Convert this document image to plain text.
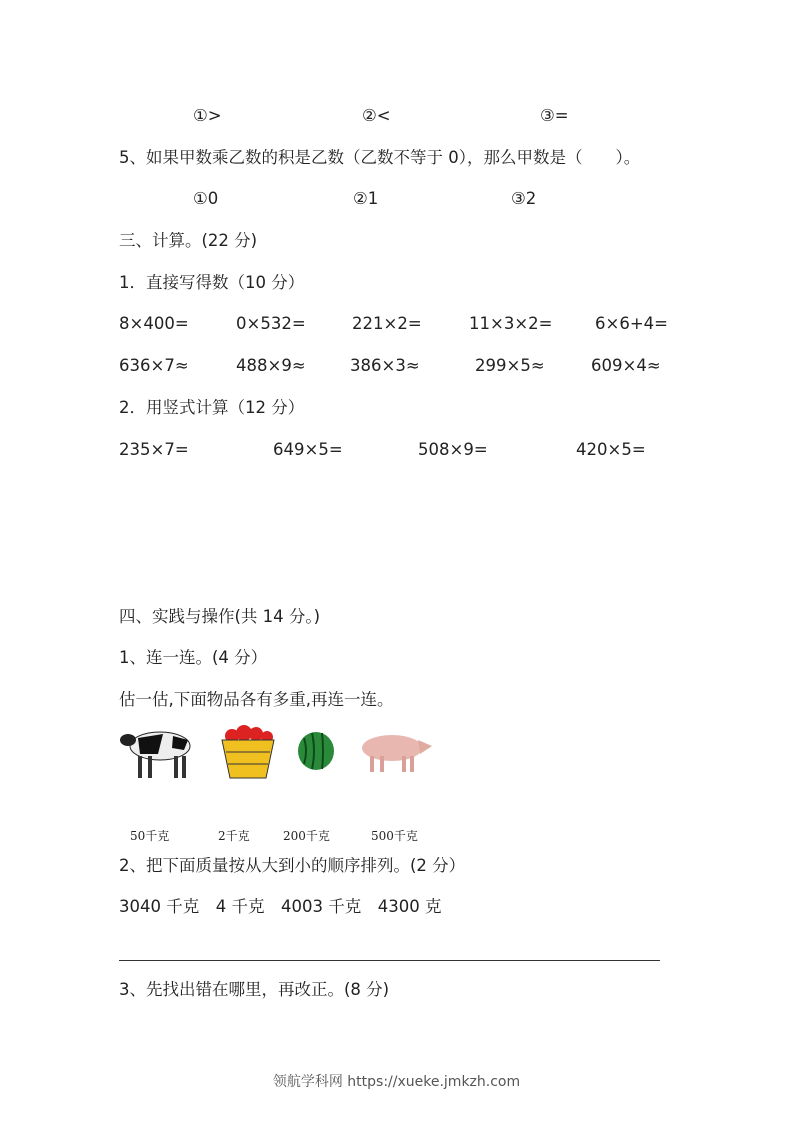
①>	②<	③=
5、如果甲数乘乙数的积是乙数（乙数不等于 0），那么甲数是（　　）。
①0	②1	③2
三、计算。(22 分)
1．直接写得数（10 分）
8×400=	0×532=	221×2=	11×3×2=	6×6+4=
636×7≈	488×9≈	386×3≈	299×5≈	609×4≈
2．用竖式计算（12 分）
235×7=	649×5=	508×9=	420×5=
四、实践与操作(共 14 分。)
1、连一连。(4 分）
估一估,下面物品各有多重,再连一连。
50千克	2千克	200千克	500千克
2、把下面质量按从大到小的顺序排列。(2 分）
3040 千克　4 千克　4003 千克　4300 克
3、先找出错在哪里，再改正。(8 分)
领航学科网 https://xueke.jmkzh.com
